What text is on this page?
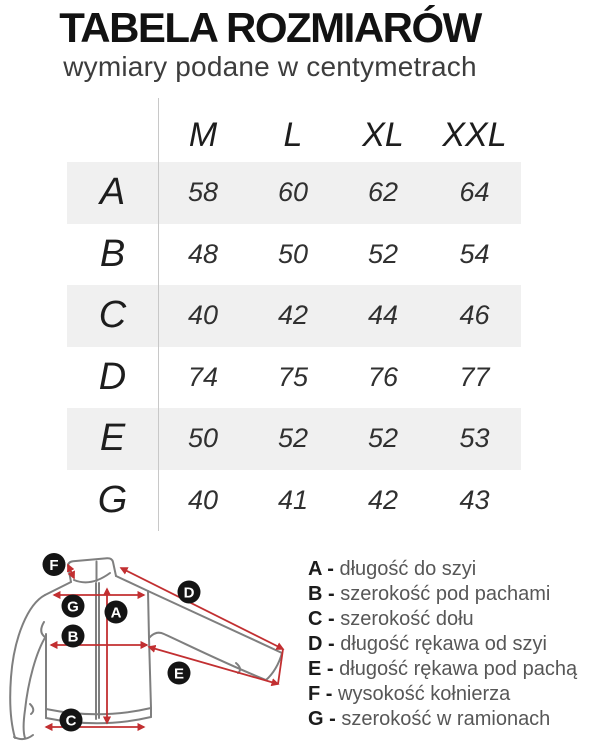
TABELA ROZMIARÓW
wymiary podane w centymetrach
M	L	XL	XXL
A	58	60	62	64
B	48	50	52	54
C	40	42	44	46
D	74	75	76	77
E	50	52	52	53
G	40	41	42	43
F
G A
B
C
D
E
A - długość do szyi
B - szerokość pod pachami
C - szerokość dołu
D - długość rękawa od szyi
E - długość rękawa pod pachą
F - wysokość kołnierza
G - szerokość w ramionach
